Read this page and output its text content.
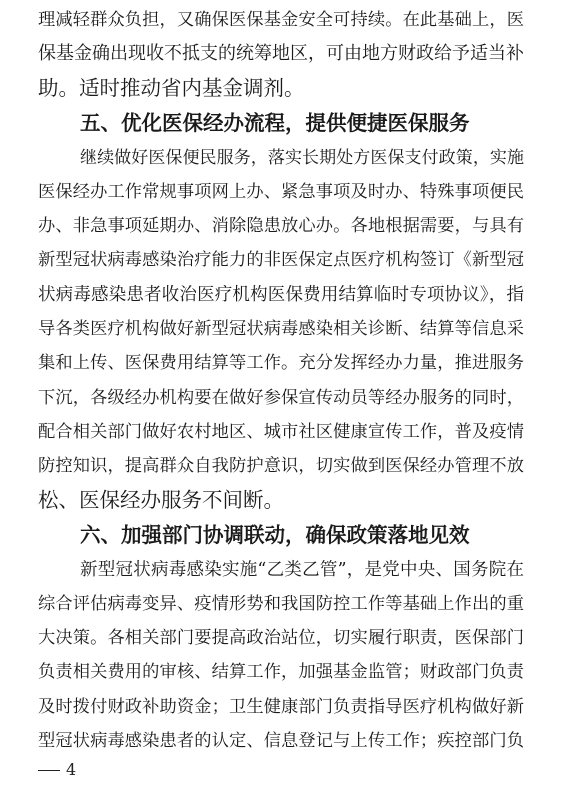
理减轻群众负担，又确保医保基金安全可持续。在此基础上，医
保基金确出现收不抵支的统筹地区，可由地方财政给予适当补
助。适时推动省内基金调剂。
五、优化医保经办流程，提供便捷医保服务
继续做好医保便民服务，落实长期处方医保支付政策，实施
医保经办工作常规事项网上办、紧急事项及时办、特殊事项便民
办、非急事项延期办、消除隐患放心办。各地根据需要，与具有
新型冠状病毒感染治疗能力的非医保定点医疗机构签订《新型冠
状病毒感染患者收治医疗机构医保费用结算临时专项协议》，指
导各类医疗机构做好新型冠状病毒感染相关诊断、结算等信息采
集和上传、医保费用结算等工作。充分发挥经办力量，推进服务
下沉，各级经办机构要在做好参保宣传动员等经办服务的同时，
配合相关部门做好农村地区、城市社区健康宣传工作，普及疫情
防控知识，提高群众自我防护意识，切实做到医保经办管理不放
松、医保经办服务不间断。
六、加强部门协调联动，确保政策落地见效
新型冠状病毒感染实施“乙类乙管”，是党中央、国务院在
综合评估病毒变异、疫情形势和我国防控工作等基础上作出的重
大决策。各相关部门要提高政治站位，切实履行职责，医保部门
负责相关费用的审核、结算工作，加强基金监管；财政部门负责
及时拨付财政补助资金；卫生健康部门负责指导医疗机构做好新
型冠状病毒感染患者的认定、信息登记与上传工作；疾控部门负
4
